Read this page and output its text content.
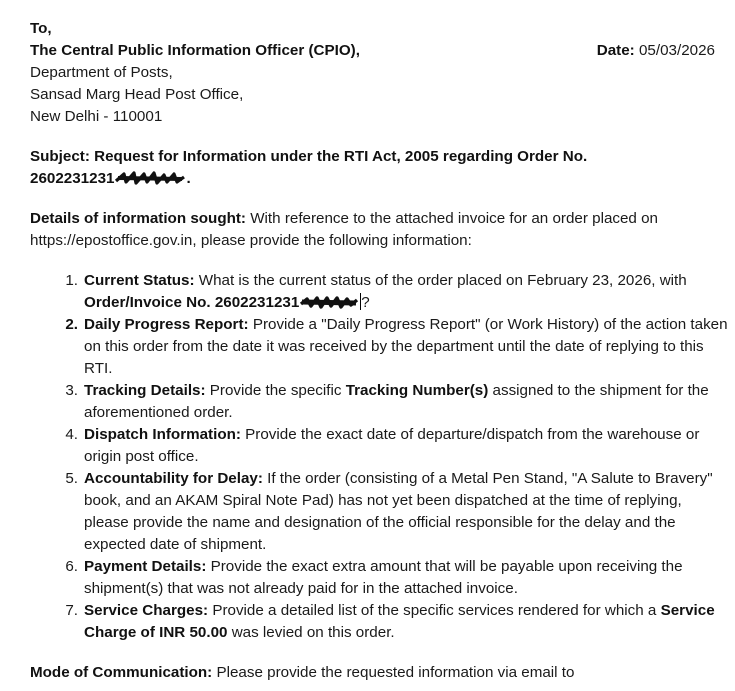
To,
The Central Public Information Officer (CPIO),
Department of Posts,
Sansad Marg Head Post Office,
New Delhi - 110001
Date: 05/03/2026
Subject: Request for Information under the RTI Act, 2005 regarding Order No.
2602231231	.
Details of information sought: With reference to the attached invoice for an order placed on https://epostoffice.gov.in, please provide the following information:
1. Current Status: What is the current status of the order placed on February 23, 2026, with Order/Invoice No. 2602231231	?
2. Daily Progress Report: Provide a "Daily Progress Report" (or Work History) of the action taken on this order from the date it was received by the department until the date of replying to this RTI.
3. Tracking Details: Provide the specific Tracking Number(s) assigned to the shipment for the aforementioned order.
4. Dispatch Information: Provide the exact date of departure/dispatch from the warehouse or origin post office.
5. Accountability for Delay: If the order (consisting of a Metal Pen Stand, "A Salute to Bravery" book, and an AKAM Spiral Note Pad) has not yet been dispatched at the time of replying, please provide the name and designation of the official responsible for the delay and the expected date of shipment.
6. Payment Details: Provide the exact extra amount that will be payable upon receiving the shipment(s) that was not already paid for in the attached invoice.
7. Service Charges: Provide a detailed list of the specific services rendered for which a Service Charge of INR 50.00 was levied on this order.
Mode of Communication: Please provide the requested information via email to
